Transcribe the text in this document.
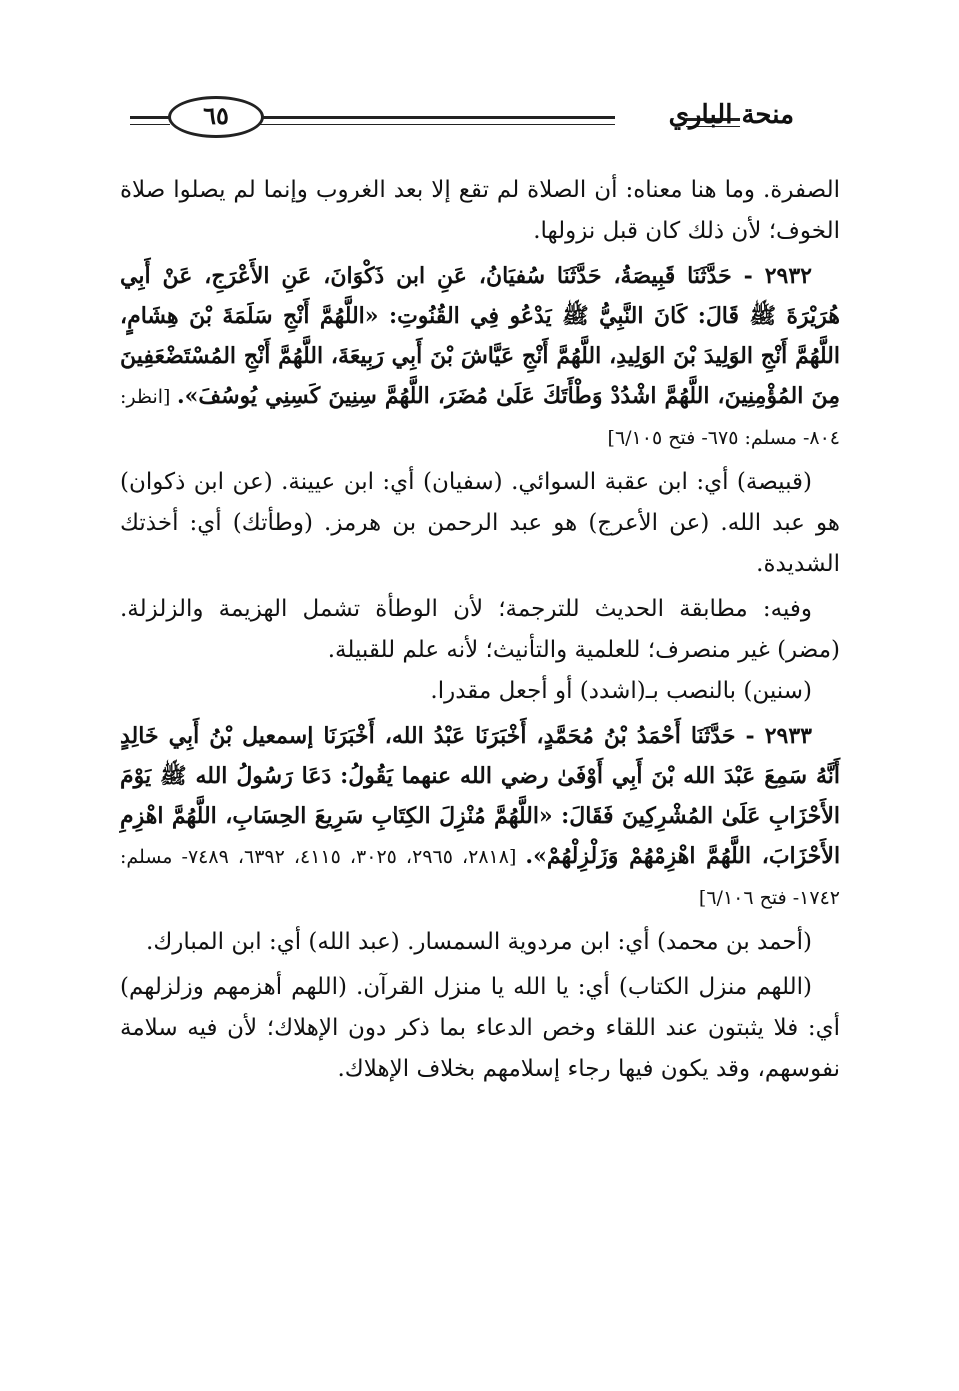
منحة الباري
٦٥

الصفرة. وما هنا معناه: أن الصلاة لم تقع إلا بعد الغروب وإنما لم يصلوا صلاة الخوف؛ لأن ذلك كان قبل نزولها.

٢٩٣٢ - حَدَّثَنَا قَبِيصَةُ، حَدَّثَنَا سُفيَانُ، عَنِ ابن ذَكْوَانَ، عَنِ الأَعْرَجِ، عَنْ أَبِي هُرَيْرَةَ ﷺ قَالَ: كَانَ النَّبِيُّ ﷺ يَدْعُو فِي القُنُوتِ: «اللَّهُمَّ أَنْجِ سَلَمَةَ بْنَ هِشَامٍ، اللَّهُمَّ أَنْجِ الوَلِيدَ بْنَ الوَلِيدِ، اللَّهُمَّ أَنْجِ عَيَّاشَ بْنَ أَبِي رَبِيعَةَ، اللَّهُمَّ أَنْجِ المُسْتَضْعَفِينَ مِنَ المُؤْمِنِينَ، اللَّهُمَّ اشْدُدْ وَطْأَتَكَ عَلَىٰ مُضَرَ، اللَّهُمَّ سِنِينَ كَسِنِي يُوسُفَ». [انظر: ٨٠٤- مسلم: ٦٧٥- فتح ٦/١٠٥]

(قبيصة) أي: ابن عقبة السوائي. (سفيان) أي: ابن عيينة. (عن ابن ذكوان) هو عبد الله. (عن الأعرج) هو عبد الرحمن بن هرمز. (وطأتك) أي: أخذتك الشديدة.

وفيه: مطابقة الحديث للترجمة؛ لأن الوطأة تشمل الهزيمة والزلزلة. (مضر) غير منصرف؛ للعلمية والتأنيث؛ لأنه علم للقبيلة.

(سنين) بالنصب بـ(اشدد) أو أجعل مقدرا.

٢٩٣٣ - حَدَّثَنَا أَحْمَدُ بْنُ مُحَمَّدٍ، أَخْبَرَنَا عَبْدُ الله، أَخْبَرَنَا إسمعيل بْنُ أَبِي خَالِدٍ أَنَّهُ سَمِعَ عَبْدَ الله بْنَ أَبِي أَوْفَىٰ رضي الله عنهما يَقُولُ: دَعَا رَسُولُ الله ﷺ يَوْمَ الأَحْزَابِ عَلَىٰ المُشْرِكِينَ فَقَالَ: «اللَّهُمَّ مُنْزِلَ الكِتَابِ سَرِيعَ الحِسَابِ، اللَّهُمَّ اهْزِمِ الأَحْزَابَ، اللَّهُمَّ اهْزِمْهُمْ وَزَلْزِلْهُمْ». [٢٨١٨، ٢٩٦٥، ٣٠٢٥، ٤١١٥، ٦٣٩٢، ٧٤٨٩- مسلم: ١٧٤٢- فتح ٦/١٠٦]

(أحمد بن محمد) أي: ابن مردوية السمسار. (عبد الله) أي: ابن المبارك.

(اللهم منزل الكتاب) أي: يا الله يا منزل القرآن. (اللهم أهزمهم وزلزلهم) أي: فلا يثبتون عند اللقاء وخص الدعاء بما ذكر دون الإهلاك؛ لأن فيه سلامة نفوسهم، وقد يكون فيها رجاء إسلامهم بخلاف الإهلاك.
